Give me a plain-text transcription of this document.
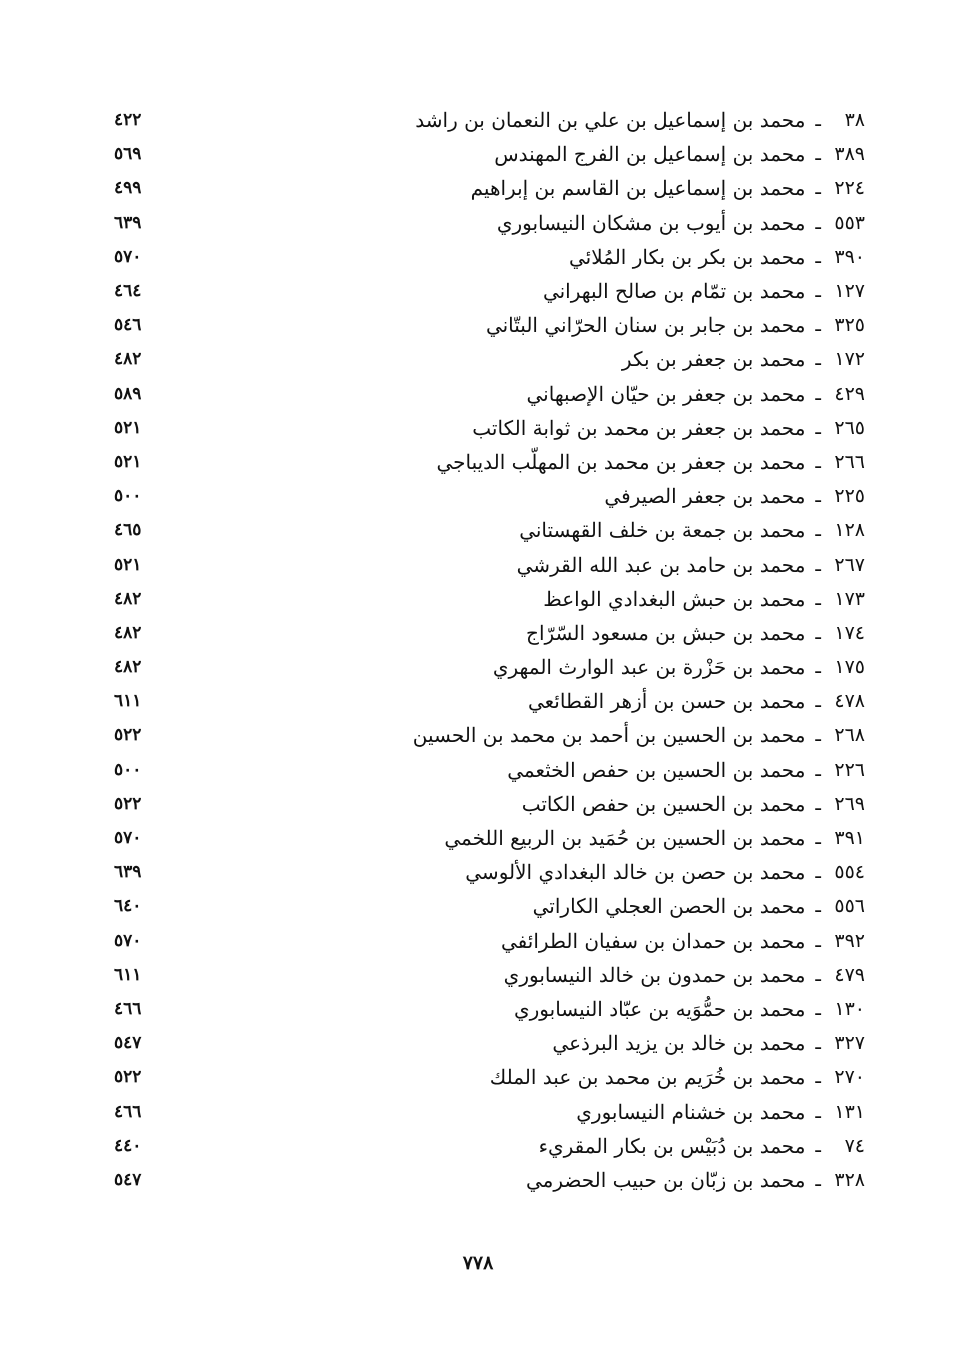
٣٨
ـ
محمد بن إسماعيل بن علي بن النعمان بن راشد
٤٢٢
٣٨٩
ـ
محمد بن إسماعيل بن الفرج المهندس
٥٦٩
٢٢٤
ـ
محمد بن إسماعيل بن القاسم بن إبراهيم
٤٩٩
٥٥٣
ـ
محمد بن أيوب بن مشكان النيسابوري
٦٣٩
٣٩٠
ـ
محمد بن بكر بن بكار المُلائي
٥٧٠
١٢٧
ـ
محمد بن تمّام بن صالح البهراني
٤٦٤
٣٢٥
ـ
محمد بن جابر بن سنان الحرّاني البتّاني
٥٤٦
١٧٢
ـ
محمد بن جعفر بن بكر
٤٨٢
٤٢٩
ـ
محمد بن جعفر بن حيّان الإصبهاني
٥٨٩
٢٦٥
ـ
محمد بن جعفر بن محمد بن ثوابة الكاتب
٥٢١
٢٦٦
ـ
محمد بن جعفر بن محمد بن المهلّب الديباجي
٥٢١
٢٢٥
ـ
محمد بن جعفر الصيرفي
٥٠٠
١٢٨
ـ
محمد بن جمعة بن خلف القهستاني
٤٦٥
٢٦٧
ـ
محمد بن حامد بن عبد الله القرشي
٥٢١
١٧٣
ـ
محمد بن حبش البغدادي الواعظ
٤٨٢
١٧٤
ـ
محمد بن حبش بن مسعود السّرّاج
٤٨٢
١٧٥
ـ
محمد بن حَزْرة بن عبد الوارث المهري
٤٨٢
٤٧٨
ـ
محمد بن حسن بن أزهر القطائعي
٦١١
٢٦٨
ـ
محمد بن الحسين بن أحمد بن محمد بن الحسين
٥٢٢
٢٢٦
ـ
محمد بن الحسين بن حفص الخثعمي
٥٠٠
٢٦٩
ـ
محمد بن الحسين بن حفص الكاتب
٥٢٢
٣٩١
ـ
محمد بن الحسين بن حُمَيد بن الربيع اللخمي
٥٧٠
٥٥٤
ـ
محمد بن حصن بن خالد البغدادي الألوسي
٦٣٩
٥٥٦
ـ
محمد بن الحصن العجلي الكاراتي
٦٤٠
٣٩٢
ـ
محمد بن حمدان بن سفيان الطرائفي
٥٧٠
٤٧٩
ـ
محمد بن حمدون بن خالد النيسابوري
٦١١
١٣٠
ـ
محمد بن حمُّوَيه بن عبّاد النيسابوري
٤٦٦
٣٢٧
ـ
محمد بن خالد بن يزيد البرذعي
٥٤٧
٢٧٠
ـ
محمد بن خُرَيم بن محمد بن عبد الملك
٥٢٢
١٣١
ـ
محمد بن خشنام النيسابوري
٤٦٦
٧٤
ـ
محمد بن دُبَيْس بن بكار المقريء
٤٤٠
٣٢٨
ـ
محمد بن زبّان بن حبيب الحضرمي
٥٤٧
٧٧٨
